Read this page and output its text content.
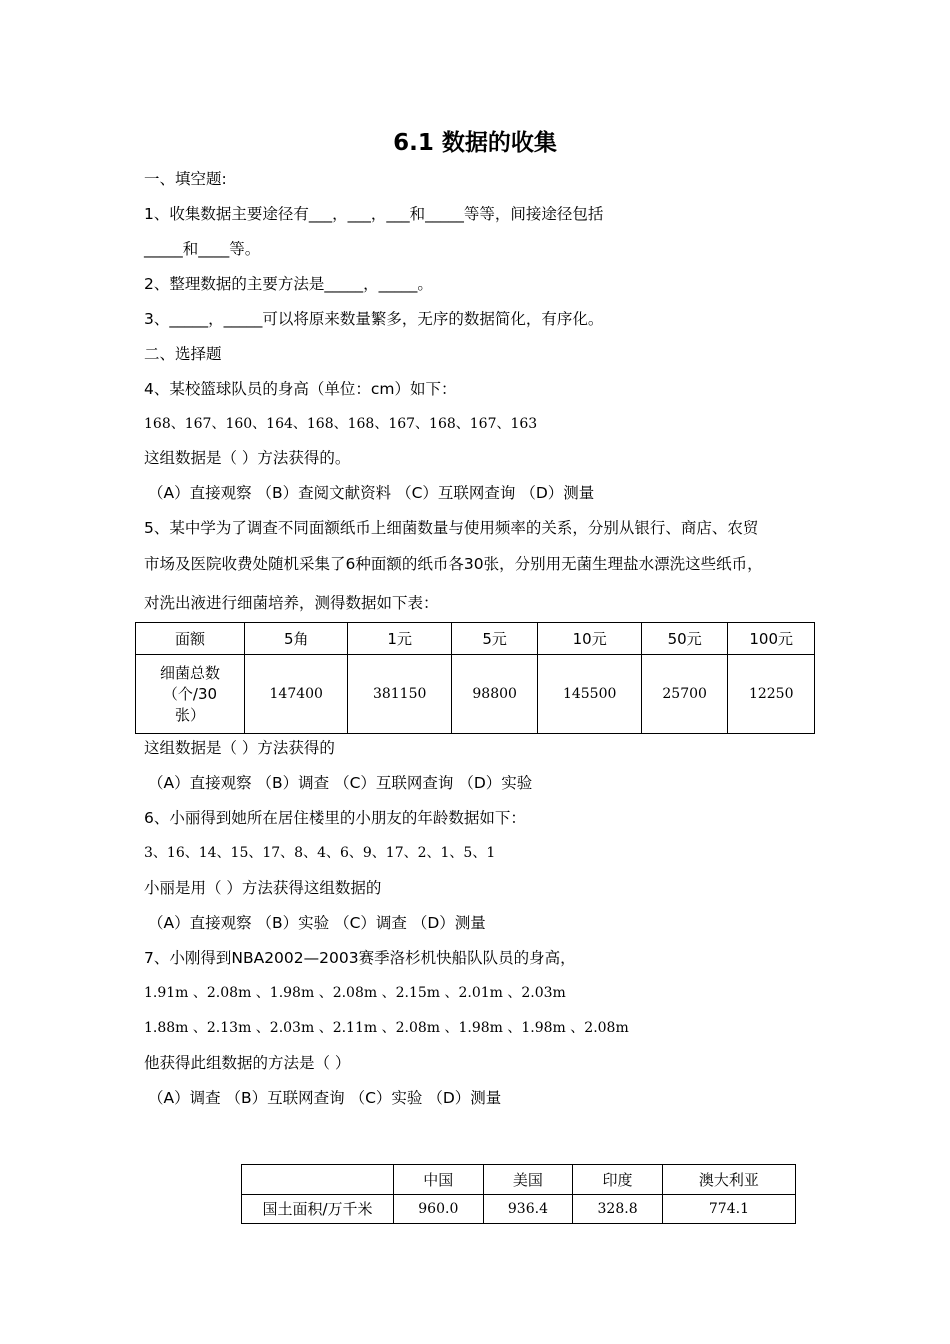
6.1 数据的收集
一、填空题:
1、收集数据主要途径有___，___，___和_____等等，间接途径包括
_____和____等。
2、整理数据的主要方法是_____，_____。
3、_____，_____可以将原来数量繁多，无序的数据简化，有序化。
二、选择题
4、某校篮球队员的身高（单位：cm）如下：
168、167、160、164、168、168、167、168、167、163
这组数据是（ ）方法获得的。
（A）直接观察 （B）查阅文献资料 （C）互联网查询 （D）测量
5、某中学为了调查不同面额纸币上细菌数量与使用频率的关系，分别从银行、商店、农贸
市场及医院收费处随机采集了6种面额的纸币各30张，分别用无菌生理盐水漂洗这些纸币，
对洗出液进行细菌培养，测得数据如下表：
面额	5角	1元	5元	10元	50元	100元

细菌总数
（个/30
张）	147400	381150	98800	145500	25700	12250
这组数据是（ ）方法获得的
（A）直接观察 （B）调查 （C）互联网查询 （D）实验
6、小丽得到她所在居住楼里的小朋友的年龄数据如下：
3、16、14、15、17、8、4、6、9、17、2、1、5、1
小丽是用（ ）方法获得这组数据的
（A）直接观察 （B）实验 （C）调查 （D）测量
7、小刚得到NBA2002—2003赛季洛杉机快船队队员的身高，
1.91m 、2.08m 、1.98m 、2.08m 、2.15m 、2.01m 、2.03m
1.88m 、2.13m 、2.03m 、2.11m 、2.08m 、1.98m 、1.98m 、2.08m
他获得此组数据的方法是（ ）
（A）调查 （B）互联网查询 （C）实验 （D）测量
	中国	美国	印度	澳大利亚
国土面积/万千米	960.0	936.4	328.8	774.1
